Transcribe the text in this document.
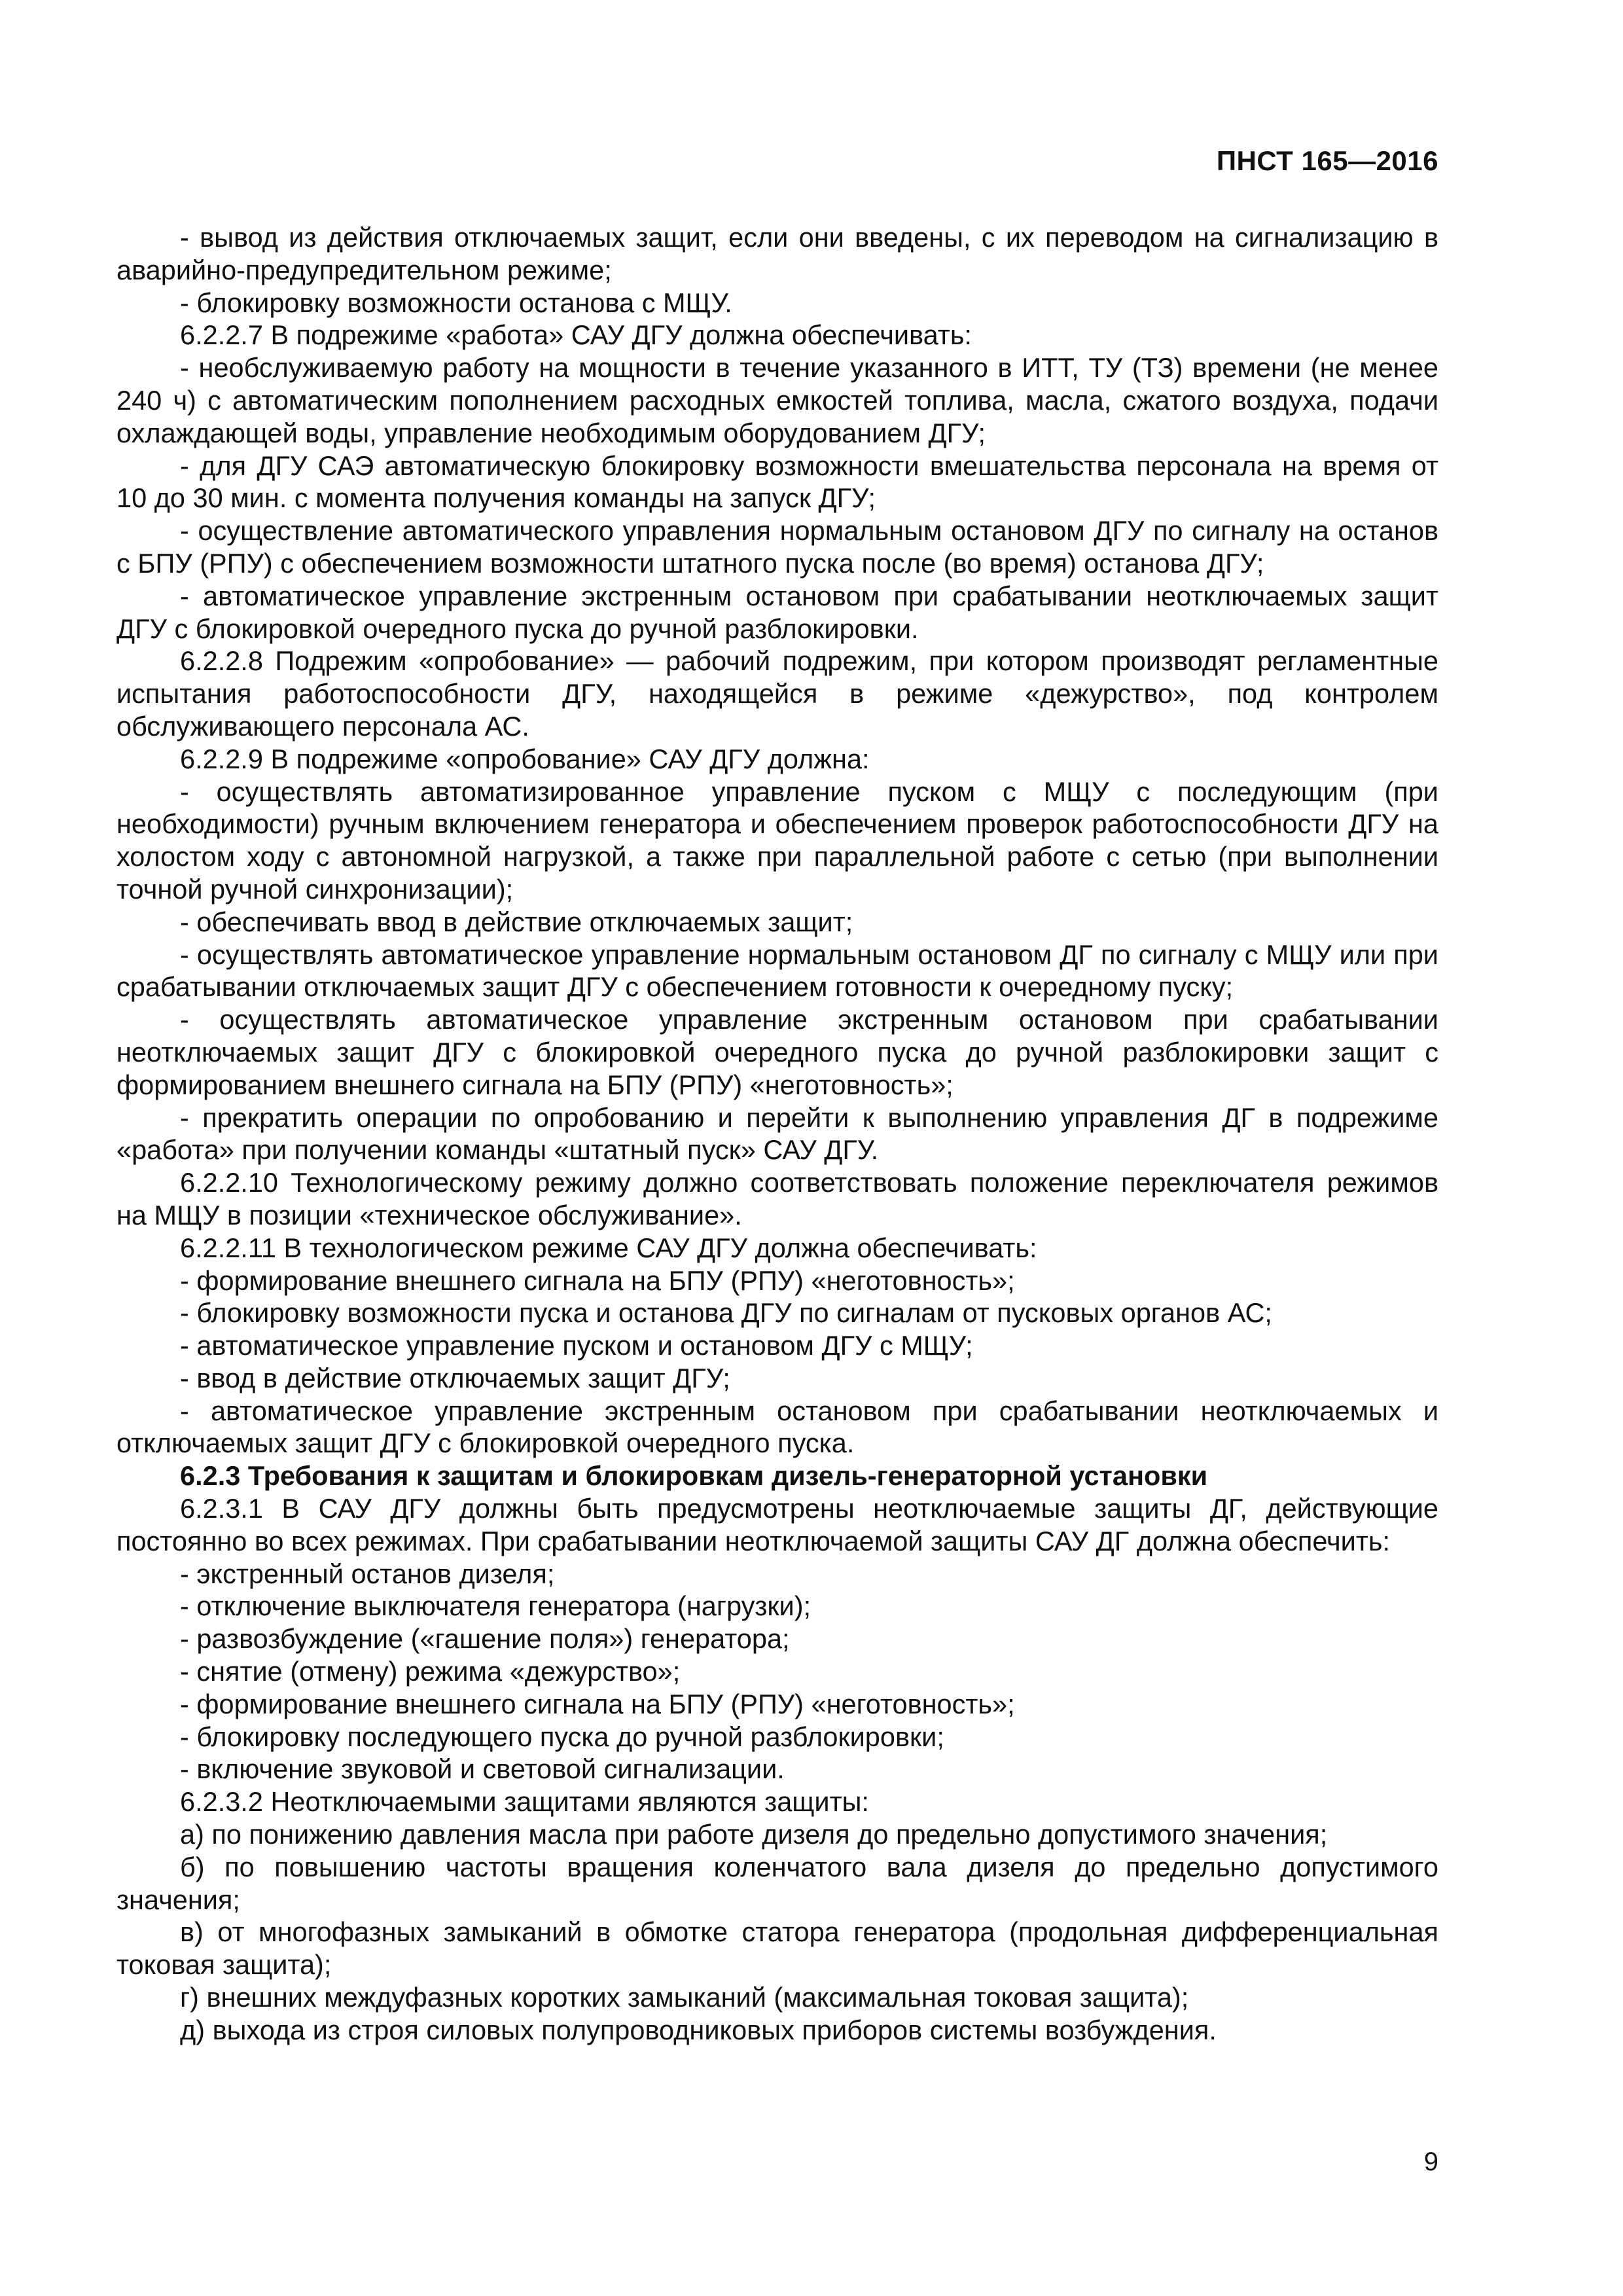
ПНСТ 165—2016

- вывод из действия отключаемых защит, если они введены, с их переводом на сигнализацию в аварийно-предупредительном режиме;

- блокировку возможности останова с МЩУ.

6.2.2.7 В подрежиме «работа» САУ ДГУ должна обеспечивать:

- необслуживаемую работу на мощности в течение указанного в ИТТ, ТУ (ТЗ) времени (не менее 240 ч) с автоматическим пополнением расходных емкостей топлива, масла, сжатого воздуха, подачи охлаждающей воды, управление необходимым оборудованием ДГУ;

- для ДГУ САЭ автоматическую блокировку возможности вмешательства персонала на время от 10 до 30 мин. с момента получения команды на запуск ДГУ;

- осуществление автоматического управления нормальным остановом ДГУ по сигналу на останов с БПУ (РПУ) с обеспечением возможности штатного пуска после (во время) останова ДГУ;

- автоматическое управление экстренным остановом при срабатывании неотключаемых защит ДГУ с блокировкой очередного пуска до ручной разблокировки.

6.2.2.8 Подрежим «опробование» — рабочий подрежим, при котором производят регламентные испытания работоспособности ДГУ, находящейся в режиме «дежурство», под контролем обслуживающего персонала АС.

6.2.2.9 В подрежиме «опробование» САУ ДГУ должна:

- осуществлять автоматизированное управление пуском с МЩУ с последующим (при необходимости) ручным включением генератора и обеспечением проверок работоспособности ДГУ на холостом ходу с автономной нагрузкой, а также при параллельной работе с сетью (при выполнении точной ручной синхронизации);

- обеспечивать ввод в действие отключаемых защит;

- осуществлять автоматическое управление нормальным остановом ДГ по сигналу с МЩУ или при срабатывании отключаемых защит ДГУ с обеспечением готовности к очередному пуску;

- осуществлять автоматическое управление экстренным остановом при срабатывании неотключаемых защит ДГУ с блокировкой очередного пуска до ручной разблокировки защит с формированием внешнего сигнала на БПУ (РПУ) «неготовность»;

- прекратить операции по опробованию и перейти к выполнению управления ДГ в подрежиме «работа» при получении команды «штатный пуск» САУ ДГУ.

6.2.2.10 Технологическому режиму должно соответствовать положение переключателя режимов на МЩУ в позиции «техническое обслуживание».

6.2.2.11 В технологическом режиме САУ ДГУ должна обеспечивать:

- формирование внешнего сигнала на БПУ (РПУ) «неготовность»;

- блокировку возможности пуска и останова ДГУ по сигналам от пусковых органов АС;

- автоматическое управление пуском и остановом ДГУ с МЩУ;

- ввод в действие отключаемых защит ДГУ;

- автоматическое управление экстренным остановом при срабатывании неотключаемых и отключаемых защит ДГУ с блокировкой очередного пуска.

6.2.3 Требования к защитам и блокировкам дизель-генераторной установки

6.2.3.1 В САУ ДГУ должны быть предусмотрены неотключаемые защиты ДГ, действующие постоянно во всех режимах. При срабатывании неотключаемой защиты САУ ДГ должна обеспечить:

- экстренный останов дизеля;

- отключение выключателя генератора (нагрузки);

- развозбуждение («гашение поля») генератора;

- снятие (отмену) режима «дежурство»;

- формирование внешнего сигнала на БПУ (РПУ) «неготовность»;

- блокировку последующего пуска до ручной разблокировки;

- включение звуковой и световой сигнализации.

6.2.3.2 Неотключаемыми защитами являются защиты:

а) по понижению давления масла при работе дизеля до предельно допустимого значения;

б) по повышению частоты вращения коленчатого вала дизеля до предельно допустимого значения;

в) от многофазных замыканий в обмотке статора генератора (продольная дифференциальная токовая защита);

г) внешних междуфазных коротких замыканий (максимальная токовая защита);

д) выхода из строя силовых полупроводниковых приборов системы возбуждения.

9
